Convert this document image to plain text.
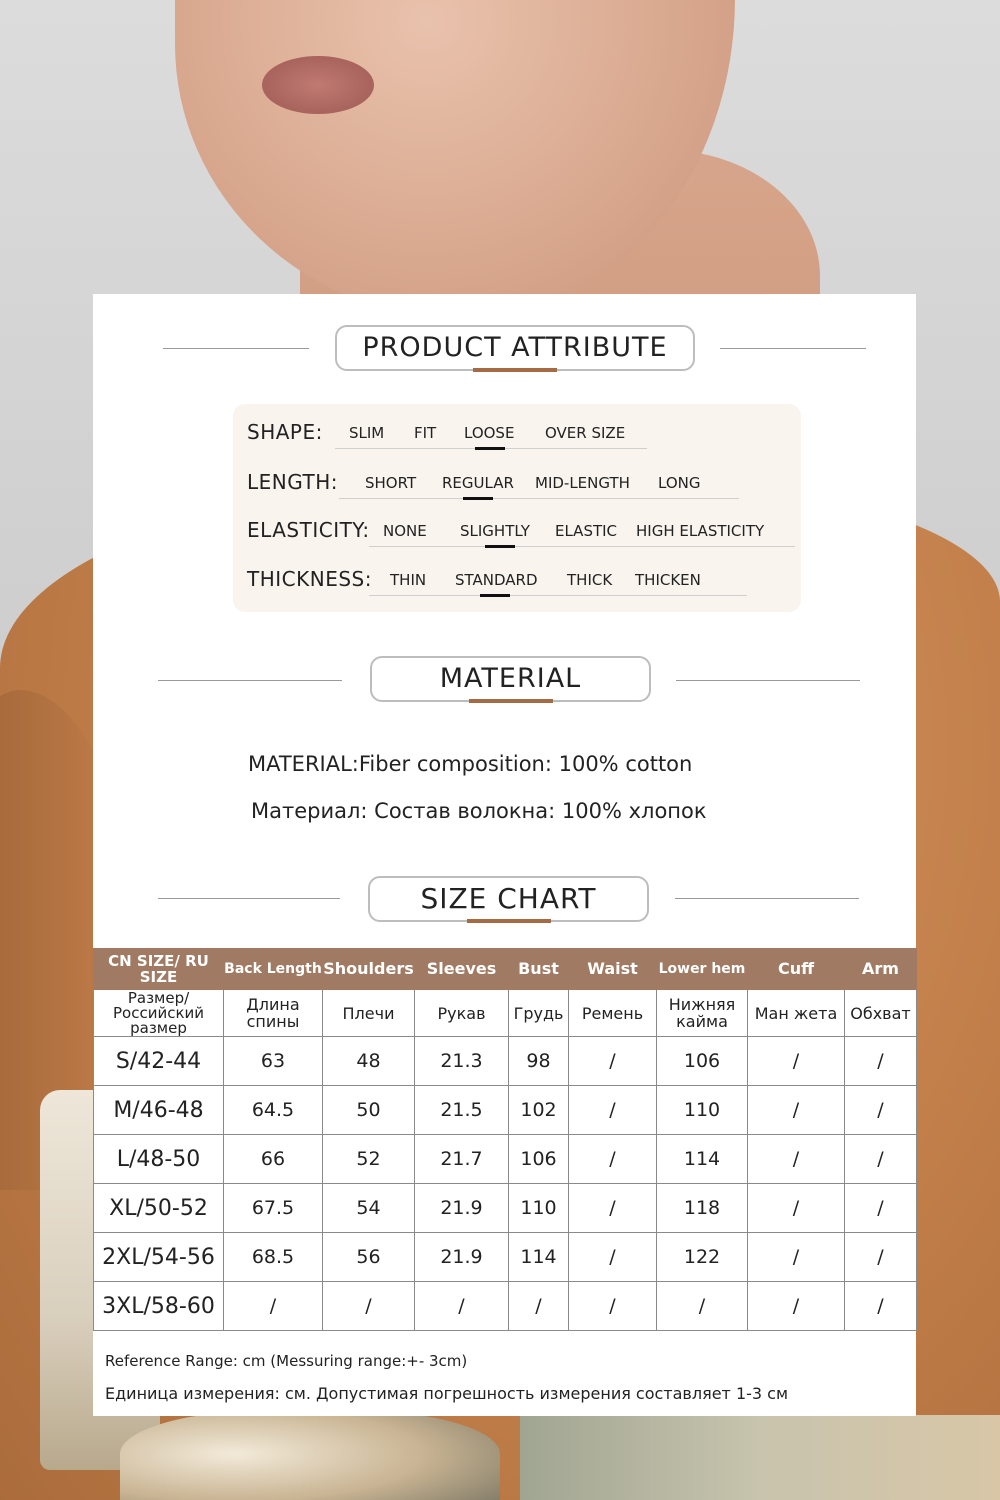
PRODUCT ATTRIBUTE
SHAPE: SLIM FIT LOOSE OVER SIZE
LENGTH: SHORT REGULAR MID-LENGTH LONG
ELASTICITY: NONE SLIGHTLY ELASTIC HIGH ELASTICITY
THICKNESS: THIN STANDARD THICK THICKEN
MATERIAL
MATERIAL:Fiber composition: 100% cotton
Материал: Состав волокна: 100% хлопок
SIZE CHART
CN SIZE/ RU SIZE	Back Length	Shoulders	Sleeves	Bust	Waist	Lower hem	Cuff	Arm
Размер/ Российский размер	Длина спины	Плечи	Рукав	Грудь	Ремень	Нижняя кайма	Ман жета	Обхват
S/42-44	63	48	21.3	98	/	106	/	/
M/46-48	64.5	50	21.5	102	/	110	/	/
L/48-50	66	52	21.7	106	/	114	/	/
XL/50-52	67.5	54	21.9	110	/	118	/	/
2XL/54-56	68.5	56	21.9	114	/	122	/	/
3XL/58-60	/	/	/	/	/	/	/	/
Reference Range: cm (Messuring range:+- 3cm)
Единица измерения: см. Допустимая погрешность измерения составляет 1-3 см
